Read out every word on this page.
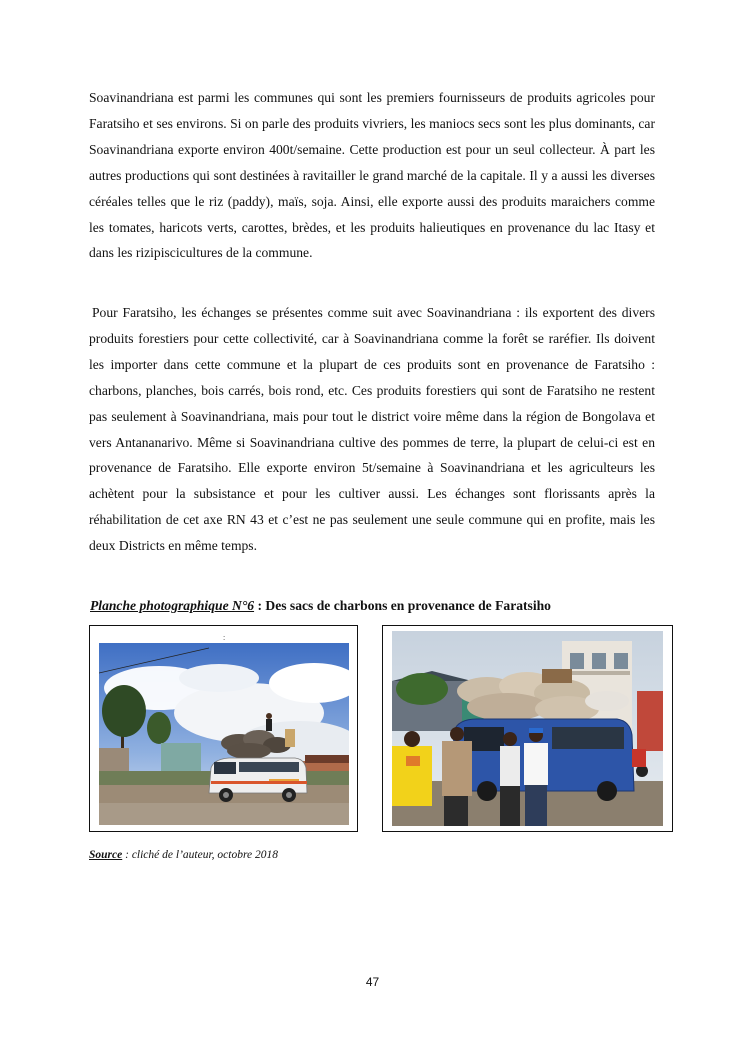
Soavinandriana est parmi les communes qui sont les premiers fournisseurs de produits agricoles pour Faratsiho et ses environs. Si on parle des produits vivriers, les maniocs secs sont les plus dominants, car Soavinandriana exporte environ 400t/semaine. Cette production est pour un seul collecteur. À part les autres productions qui sont destinées à ravitailler le grand marché de la capitale. Il y a aussi les diverses céréales telles que le riz (paddy), maïs, soja. Ainsi, elle exporte aussi des produits maraichers comme les tomates, haricots verts, carottes, brèdes, et les produits halieutiques en provenance du lac Itasy et dans les rizipiscicultures de la commune.

Pour Faratsiho, les échanges se présentes comme suit avec Soavinandriana : ils exportent des divers produits forestiers pour cette collectivité, car à Soavinandriana comme la forêt se raréfier. Ils doivent les importer dans cette commune et la plupart de ces produits sont en provenance de Faratsiho : charbons, planches, bois carrés, bois rond, etc. Ces produits forestiers qui sont de Faratsiho ne restent pas seulement à Soavinandriana, mais pour tout le district voire même dans la région de Bongolava et vers Antananarivo. Même si Soavinandriana cultive des pommes de terre, la plupart de celui-ci est en provenance de Faratsiho. Elle exporte environ 5t/semaine à Soavinandriana et les agriculteurs les achètent pour la subsistance et pour les cultiver aussi. Les échanges sont florissants après la réhabilitation de cet axe RN 43 et c’est ne pas seulement une seule commune qui en profite, mais les deux Districts en même temps.

Planche photographique N°6 : Des sacs de charbons en provenance de Faratsiho
:
Source : cliché de l’auteur, octobre 2018
47
